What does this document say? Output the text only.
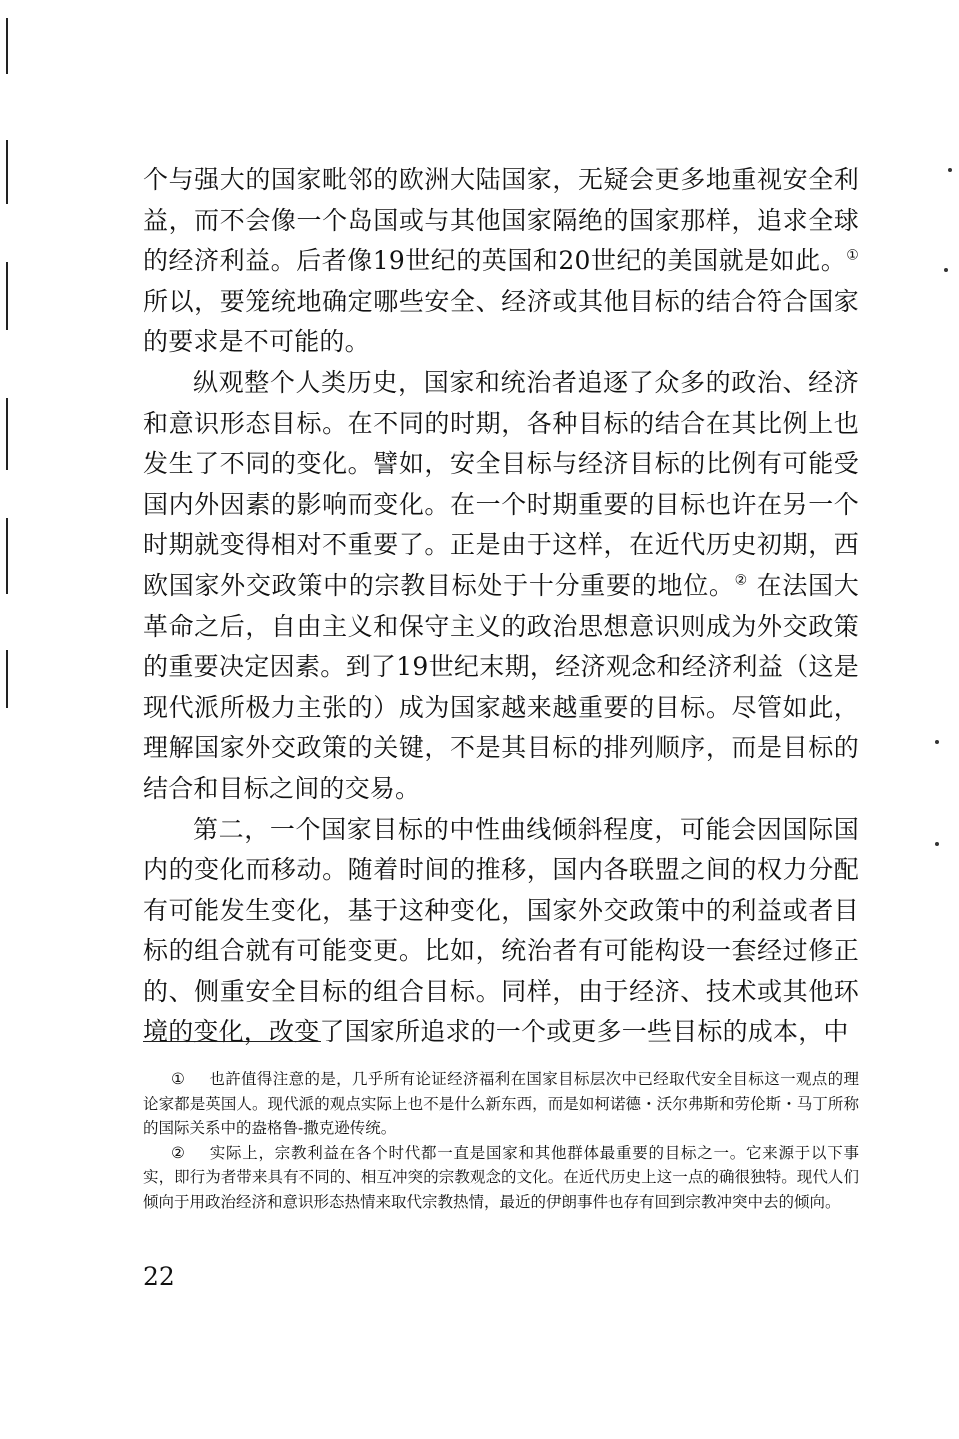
个与强大的国家毗邻的欧洲大陆国家，无疑会更多地重视安全利益，而不会像一个岛国或与其他国家隔绝的国家那样，追求全球的经济利益。后者像19世纪的英国和20世纪的美国就是如此。①所以，要笼统地确定哪些安全、经济或其他目标的结合符合国家的要求是不可能的。

纵观整个人类历史，国家和统治者追逐了众多的政治、经济和意识形态目标。在不同的时期，各种目标的结合在其比例上也发生了不同的变化。譬如，安全目标与经济目标的比例有可能受国内外因素的影响而变化。在一个时期重要的目标也许在另一个时期就变得相对不重要了。正是由于这样，在近代历史初期，西欧国家外交政策中的宗教目标处于十分重要的地位。② 在法国大革命之后，自由主义和保守主义的政治思想意识则成为外交政策的重要决定因素。到了19世纪末期，经济观念和经济利益（这是现代派所极力主张的）成为国家越来越重要的目标。尽管如此，理解国家外交政策的关键，不是其目标的排列顺序，而是目标的结合和目标之间的交易。

第二，一个国家目标的中性曲线倾斜程度，可能会因国际国内的变化而移动。随着时间的推移，国内各联盟之间的权力分配有可能发生变化，基于这种变化，国家外交政策中的利益或者目标的组合就有可能变更。比如，统治者有可能构设一套经过修正的、侧重安全目标的组合目标。同样，由于经济、技术或其他环境的变化，改变了国家所追求的一个或更多一些目标的成本，中

① 也許值得注意的是，几乎所有论证经济福利在国家目标层次中已经取代安全目标这一观点的理论家都是英国人。现代派的观点实际上也不是什么新东西，而是如柯诺德・沃尔弗斯和劳伦斯・马丁所称的国际关系中的盎格鲁-撒克逊传统。

② 实际上，宗教利益在各个时代都一直是国家和其他群体最重要的目标之一。它来源于以下事实，即行为者带来具有不同的、相互冲突的宗教观念的文化。在近代历史上这一点的确很独特。现代人们倾向于用政治经济和意识形态热情来取代宗教热情，最近的伊朗事件也存有回到宗教冲突中去的倾向。

22
